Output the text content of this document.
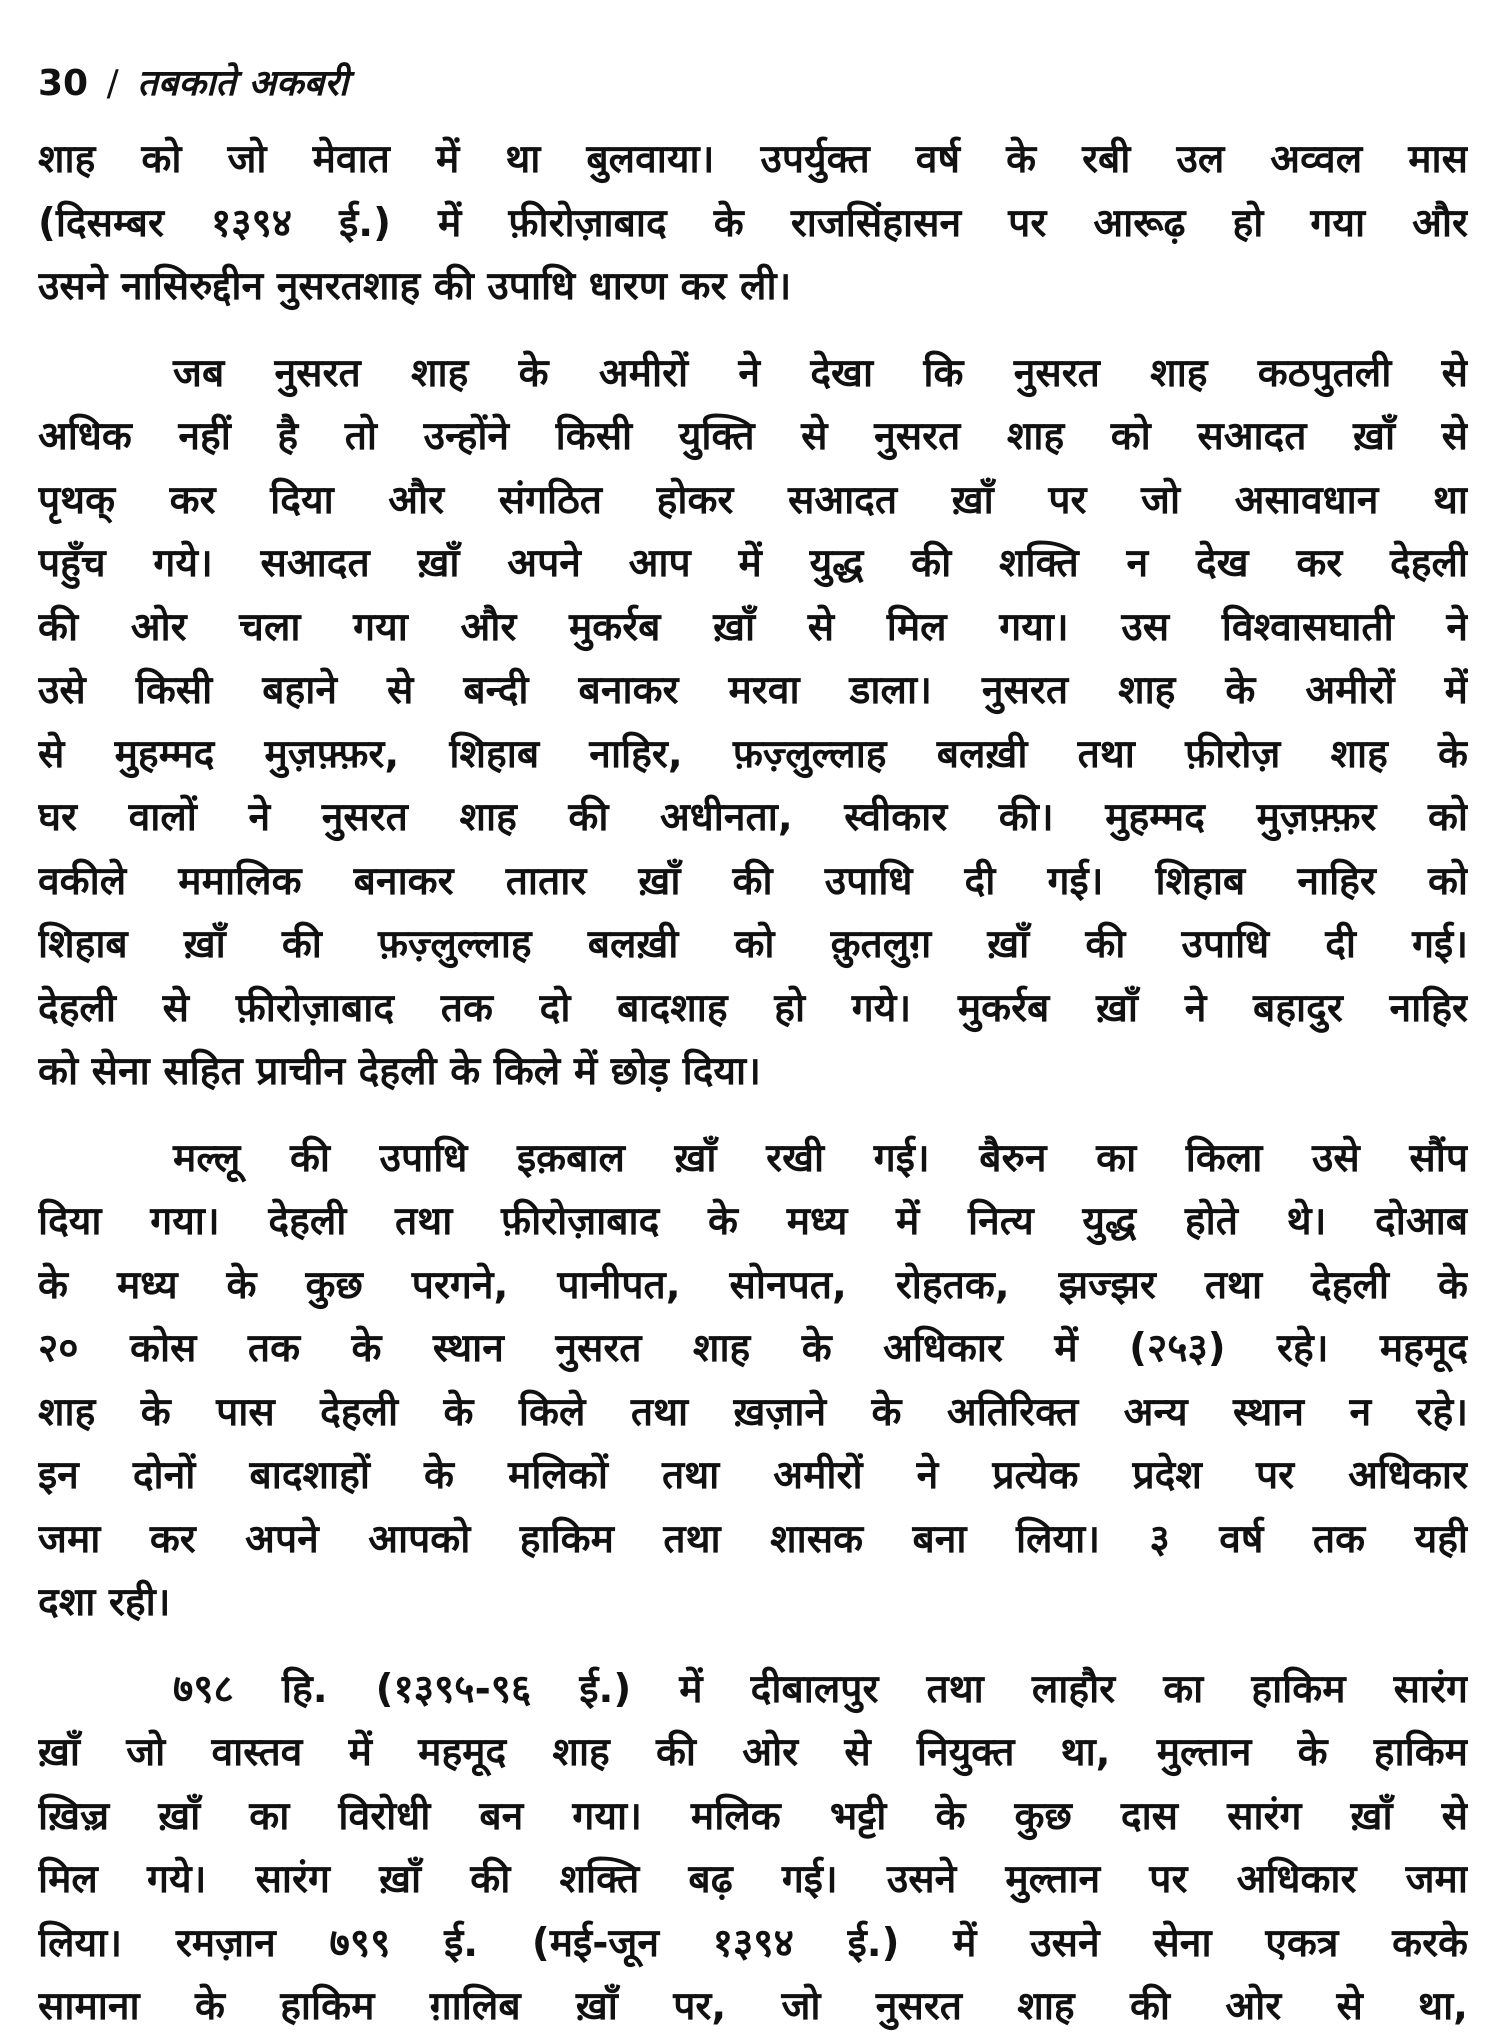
30 / तबकाते अकबरी
शाह को जो मेवात में था बुलवाया। उपर्युक्त वर्ष के रबी उल अव्वल मास
(दिसम्बर १३९४ ई.) में फ़ीरोज़ाबाद के राजसिंहासन पर आरूढ़ हो गया और
उसने नासिरुद्दीन नुसरतशाह की उपाधि धारण कर ली।
जब नुसरत शाह के अमीरों ने देखा कि नुसरत शाह कठपुतली से
अधिक नहीं है तो उन्होंने किसी युक्ति से नुसरत शाह को सआदत ख़ाँ से
पृथक् कर दिया और संगठित होकर सआदत ख़ाँ पर जो असावधान था
पहुँच गये। सआदत ख़ाँ अपने आप में युद्ध की शक्ति न देख कर देहली
की ओर चला गया और मुकर्रब ख़ाँ से मिल गया। उस विश्वासघाती ने
उसे किसी बहाने से बन्दी बनाकर मरवा डाला। नुसरत शाह के अमीरों में
से मुहम्मद मुज़फ़्फ़र, शिहाब नाहिर, फ़ज़्लुल्लाह बलख़ी तथा फ़ीरोज़ शाह के
घर वालों ने नुसरत शाह की अधीनता, स्वीकार की। मुहम्मद मुज़फ़्फ़र को
वकीले ममालिक बनाकर तातार ख़ाँ की उपाधि दी गई। शिहाब नाहिर को
शिहाब ख़ाँ की फ़ज़्लुल्लाह बलख़ी को क़ुतलुग़ ख़ाँ की उपाधि दी गई।
देहली से फ़ीरोज़ाबाद तक दो बादशाह हो गये। मुकर्रब ख़ाँ ने बहादुर नाहिर
को सेना सहित प्राचीन देहली के किले में छोड़ दिया।
मल्लू की उपाधि इक़बाल ख़ाँ रखी गई। बैरुन का किला उसे सौंप
दिया गया। देहली तथा फ़ीरोज़ाबाद के मध्य में नित्य युद्ध होते थे। दोआब
के मध्य के कुछ परगने, पानीपत, सोनपत, रोहतक, झज्झर तथा देहली के
२० कोस तक के स्थान नुसरत शाह के अधिकार में (२५३) रहे। महमूद
शाह के पास देहली के किले तथा ख़ज़ाने के अतिरिक्त अन्य स्थान न रहे।
इन दोनों बादशाहों के मलिकों तथा अमीरों ने प्रत्येक प्रदेश पर अधिकार
जमा कर अपने आपको हाकिम तथा शासक बना लिया। ३ वर्ष तक यही
दशा रही।
७९८ हि. (१३९५-९६ ई.) में दीबालपुर तथा लाहौर का हाकिम सारंग
ख़ाँ जो वास्तव में महमूद शाह की ओर से नियुक्त था, मुल्तान के हाकिम
ख़िज़्र ख़ाँ का विरोधी बन गया। मलिक भट्टी के कुछ दास सारंग ख़ाँ से
मिल गये। सारंग ख़ाँ की शक्ति बढ़ गई। उसने मुल्तान पर अधिकार जमा
लिया। रमज़ान ७९९ ई. (मई-जून १३९४ ई.) में उसने सेना एकत्र करके
सामाना के हाकिम ग़ालिब ख़ाँ पर, जो नुसरत शाह की ओर से था,
